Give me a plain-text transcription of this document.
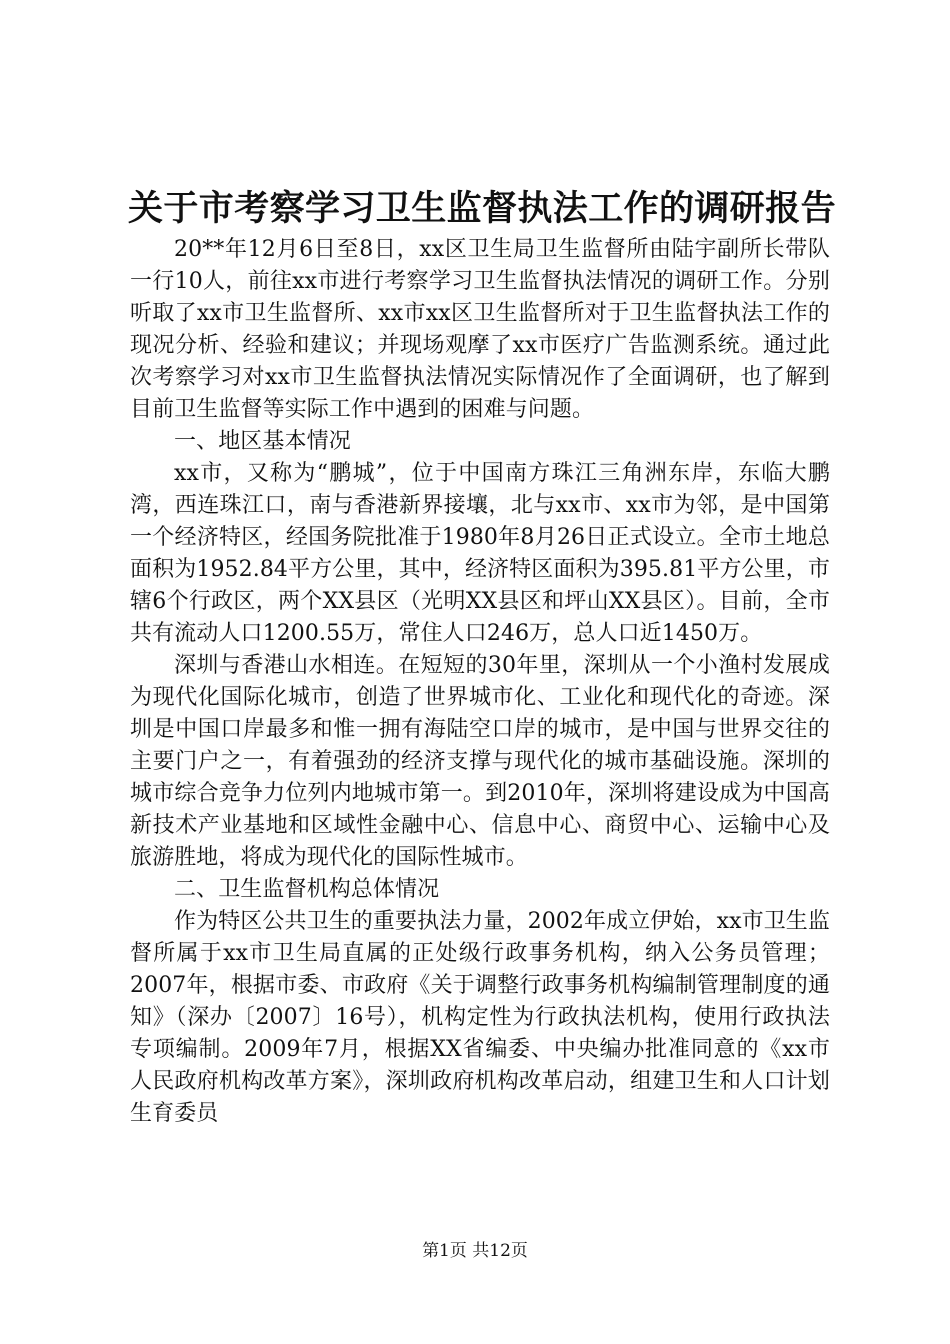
关于市考察学习卫生监督执法工作的调研报告

20**年12月6日至8日，xx区卫生局卫生监督所由陆宇副所长带队一行10人，前往xx市进行考察学习卫生监督执法情况的调研工作。分别听取了xx市卫生监督所、xx市xx区卫生监督所对于卫生监督执法工作的现况分析、经验和建议；并现场观摩了xx市医疗广告监测系统。通过此次考察学习对xx市卫生监督执法情况实际情况作了全面调研，也了解到目前卫生监督等实际工作中遇到的困难与问题。

一、地区基本情况

xx市，又称为“鹏城”，位于中国南方珠江三角洲东岸，东临大鹏湾，西连珠江口，南与香港新界接壤，北与xx市、xx市为邻，是中国第一个经济特区，经国务院批准于1980年8月26日正式设立。全市土地总面积为1952.84平方公里，其中，经济特区面积为395.81平方公里，市辖6个行政区，两个XX县区（光明XX县区和坪山XX县区）。目前，全市共有流动人口1200.55万，常住人口246万，总人口近1450万。

深圳与香港山水相连。在短短的30年里，深圳从一个小渔村发展成为现代化国际化城市，创造了世界城市化、工业化和现代化的奇迹。深圳是中国口岸最多和惟一拥有海陆空口岸的城市，是中国与世界交往的主要门户之一，有着强劲的经济支撑与现代化的城市基础设施。深圳的城市综合竞争力位列内地城市第一。到2010年，深圳将建设成为中国高新技术产业基地和区域性金融中心、信息中心、商贸中心、运输中心及旅游胜地，将成为现代化的国际性城市。

二、卫生监督机构总体情况

作为特区公共卫生的重要执法力量，2002年成立伊始，xx市卫生监督所属于xx市卫生局直属的正处级行政事务机构，纳入公务员管理；2007年，根据市委、市政府《关于调整行政事务机构编制管理制度的通知》（深办〔2007〕16号），机构定性为行政执法机构，使用行政执法专项编制。2009年7月，根据XX省编委、中央编办批准同意的《xx市人民政府机构改革方案》，深圳政府机构改革启动，组建卫生和人口计划生育委员

第1页 共12页
